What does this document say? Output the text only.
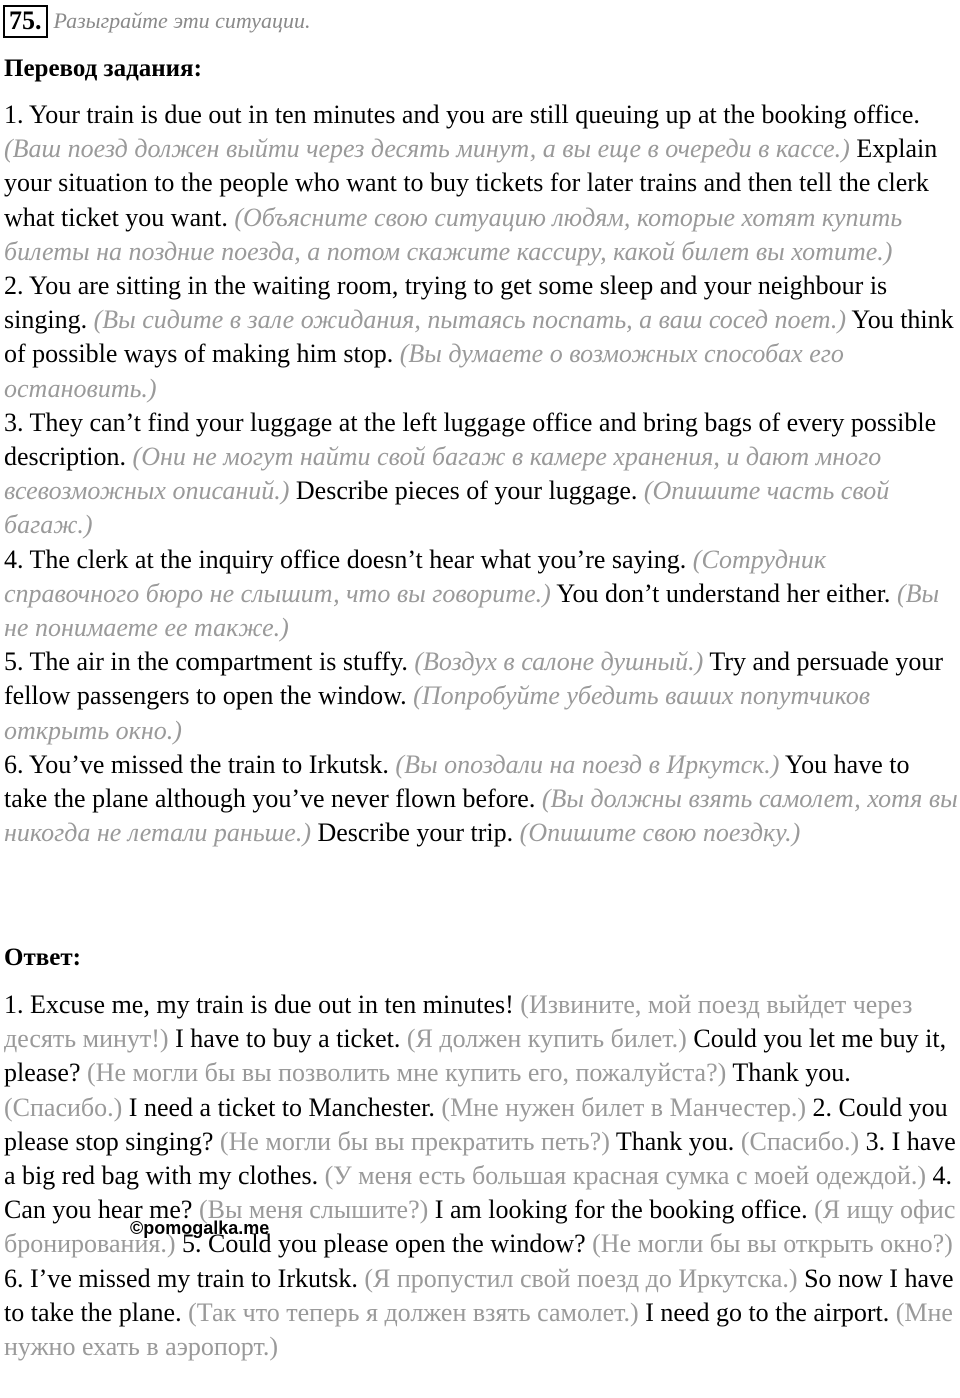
75. Разыграйте эти ситуации.
Перевод задания:
1. Your train is due out in ten minutes and you are still queuing up at the booking office. (Ваш поезд должен выйти через десять минут, а вы еще в очереди в кассе.) Explain your situation to the people who want to buy tickets for later trains and then tell the clerk what ticket you want. (Объясните свою ситуацию людям, которые хотят купить билеты на поздние поезда, а потом скажите кассиру, какой билет вы хотите.)
2. You are sitting in the waiting room, trying to get some sleep and your neighbour is singing. (Вы сидите в зале ожидания, пытаясь поспать, а ваш сосед поет.) You think of possible ways of making him stop. (Вы думаете о возможных способах его остановить.)
3. They can’t find your luggage at the left luggage office and bring bags of every possible description. (Они не могут найти свой багаж в камере хранения, и дают много всевозможных описаний.) Describe pieces of your luggage. (Опишите часть свой багаж.)
4. The clerk at the inquiry office doesn’t hear what you’re saying. (Сотрудник справочного бюро не слышит, что вы говорите.) You don’t understand her either. (Вы не понимаете ее также.)
5. The air in the compartment is stuffy. (Воздух в салоне душный.) Try and persuade your fellow passengers to open the window. (Попробуйте убедить ваших попутчиков открыть окно.)
6. You’ve missed the train to Irkutsk. (Вы опоздали на поезд в Иркутск.) You have to take the plane although you’ve never flown before. (Вы должны взять самолет, хотя вы никогда не летали раньше.) Describe your trip. (Опишите свою поездку.)
Ответ:
1. Excuse me, my train is due out in ten minutes! (Извините, мой поезд выйдет через десять минут!) I have to buy a ticket. (Я должен купить билет.) Could you let me buy it, please? (Не могли бы вы позволить мне купить его, пожалуйста?) Thank you. (Спасибо.) I need a ticket to Manchester. (Мне нужен билет в Манчестер.) 2. Could you please stop singing? (Не могли бы вы прекратить петь?) Thank you. (Спасибо.) 3. I have a big red bag with my clothes. (У меня есть большая красная сумка с моей одеждой.) 4. Can you hear me? (Вы меня слышите?) I am looking for the booking office. (Я ищу офис бронирования.) 5. Could you please open the window? (Не могли бы вы открыть окно?) 6. I’ve missed my train to Irkutsk. (Я пропустил свой поезд до Иркутска.) So now I have to take the plane. (Так что теперь я должен взять самолет.) I need go to the airport. (Мне нужно ехать в аэропорт.)
©pomogalka.me
